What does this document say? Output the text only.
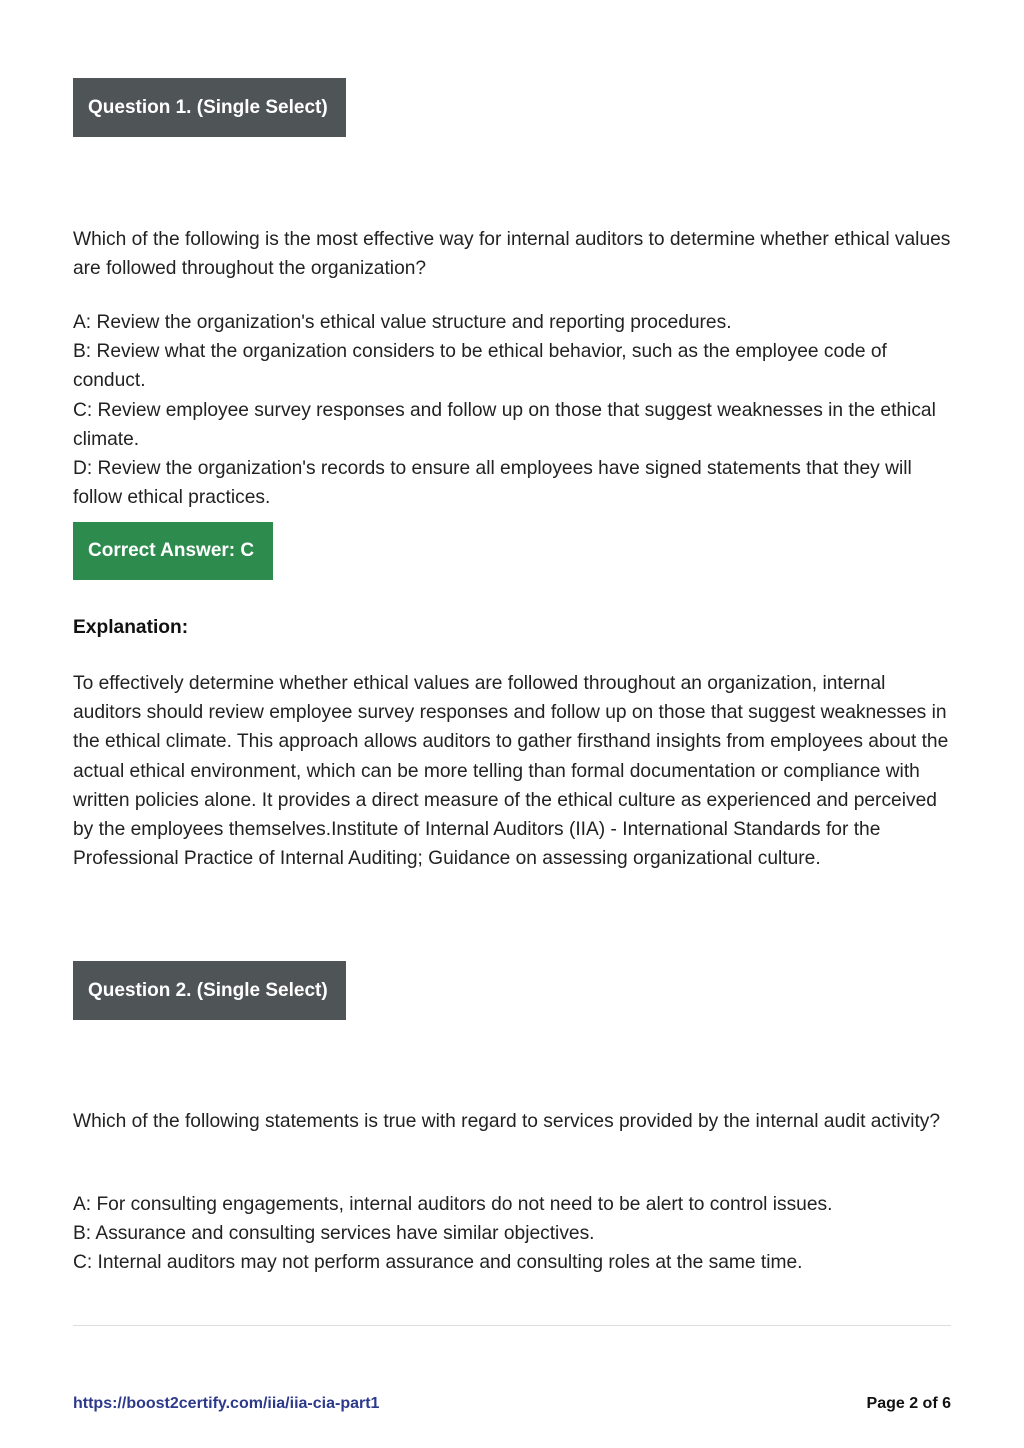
Question 1. (Single Select)
Which of the following is the most effective way for internal auditors to determine whether ethical values are followed throughout the organization?
A: Review the organization's ethical value structure and reporting procedures.
B: Review what the organization considers to be ethical behavior, such as the employee code of conduct.
C: Review employee survey responses and follow up on those that suggest weaknesses in the ethical climate.
D: Review the organization's records to ensure all employees have signed statements that they will follow ethical practices.
Correct Answer: C
Explanation:
To effectively determine whether ethical values are followed throughout an organization, internal auditors should review employee survey responses and follow up on those that suggest weaknesses in the ethical climate. This approach allows auditors to gather firsthand insights from employees about the actual ethical environment, which can be more telling than formal documentation or compliance with written policies alone. It provides a direct measure of the ethical culture as experienced and perceived by the employees themselves.Institute of Internal Auditors (IIA) - International Standards for the Professional Practice of Internal Auditing; Guidance on assessing organizational culture.
Question 2. (Single Select)
Which of the following statements is true with regard to services provided by the internal audit activity?
A: For consulting engagements, internal auditors do not need to be alert to control issues.
B: Assurance and consulting services have similar objectives.
C: Internal auditors may not perform assurance and consulting roles at the same time.
https://boost2certify.com/iia/iia-cia-part1	Page 2 of 6
